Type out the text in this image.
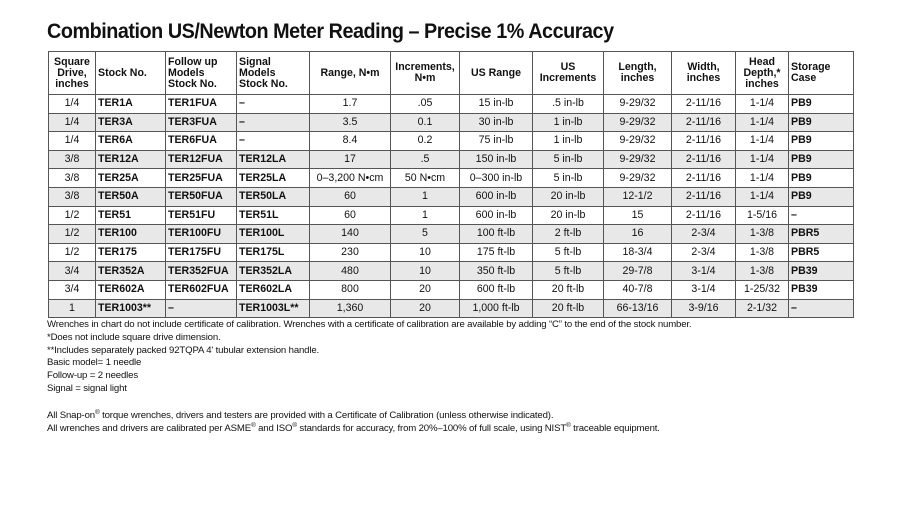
Combination US/Newton Meter Reading – Precise 1% Accuracy
Square
Drive,
inches	Stock No.	Follow up
Models
Stock No.	Signal
Models
Stock No.	Range, N•m	Increments,
N•m	US Range	US
Increments	Length,
inches	Width,
inches	Head
Depth,*
inches	Storage
Case

1/4	TER1A	TER1FUA	–	1.7	.05	15 in-lb	.5 in-lb	9-29/32	2-11/16	1-1/4	PB9
1/4	TER3A	TER3FUA	–	3.5	0.1	30 in-lb	1 in-lb	9-29/32	2-11/16	1-1/4	PB9
1/4	TER6A	TER6FUA	–	8.4	0.2	75 in-lb	1 in-lb	9-29/32	2-11/16	1-1/4	PB9
3/8	TER12A	TER12FUA	TER12LA	17	.5	150 in-lb	5 in-lb	9-29/32	2-11/16	1-1/4	PB9
3/8	TER25A	TER25FUA	TER25LA	0–3,200 N•cm	50 N•cm	0–300 in-lb	5 in-lb	9-29/32	2-11/16	1-1/4	PB9
3/8	TER50A	TER50FUA	TER50LA	60	1	600 in-lb	20 in-lb	12-1/2	2-11/16	1-1/4	PB9
1/2	TER51	TER51FU	TER51L	60	1	600 in-lb	20 in-lb	15	2-11/16	1-5/16	–
1/2	TER100	TER100FU	TER100L	140	5	100 ft-lb	2 ft-lb	16	2-3/4	1-3/8	PBR5
1/2	TER175	TER175FU	TER175L	230	10	175 ft-lb	5 ft-lb	18-3/4	2-3/4	1-3/8	PBR5
3/4	TER352A	TER352FUA	TER352LA	480	10	350 ft-lb	5 ft-lb	29-7/8	3-1/4	1-3/8	PB39
3/4	TER602A	TER602FUA	TER602LA	800	20	600 ft-lb	20 ft-lb	40-7/8	3-1/4	1-25/32	PB39
1	TER1003**	–	TER1003L**	1,360	20	1,000 ft-lb	20 ft-lb	66-13/16	3-9/16	2-1/32	–
Wrenches in chart do not include certificate of calibration. Wrenches with a certificate of calibration are available by adding “C” to the end of the stock number.
*Does not include square drive dimension.
**Includes separately packed 92TQPA 4' tubular extension handle.
Basic model= 1 needle
Follow-up = 2 needles
Signal = signal light
All Snap-on® torque wrenches, drivers and testers are provided with a Certificate of Calibration (unless otherwise indicated).
All wrenches and drivers are calibrated per ASME® and ISO® standards for accuracy, from 20%–100% of full scale, using NIST® traceable equipment.
